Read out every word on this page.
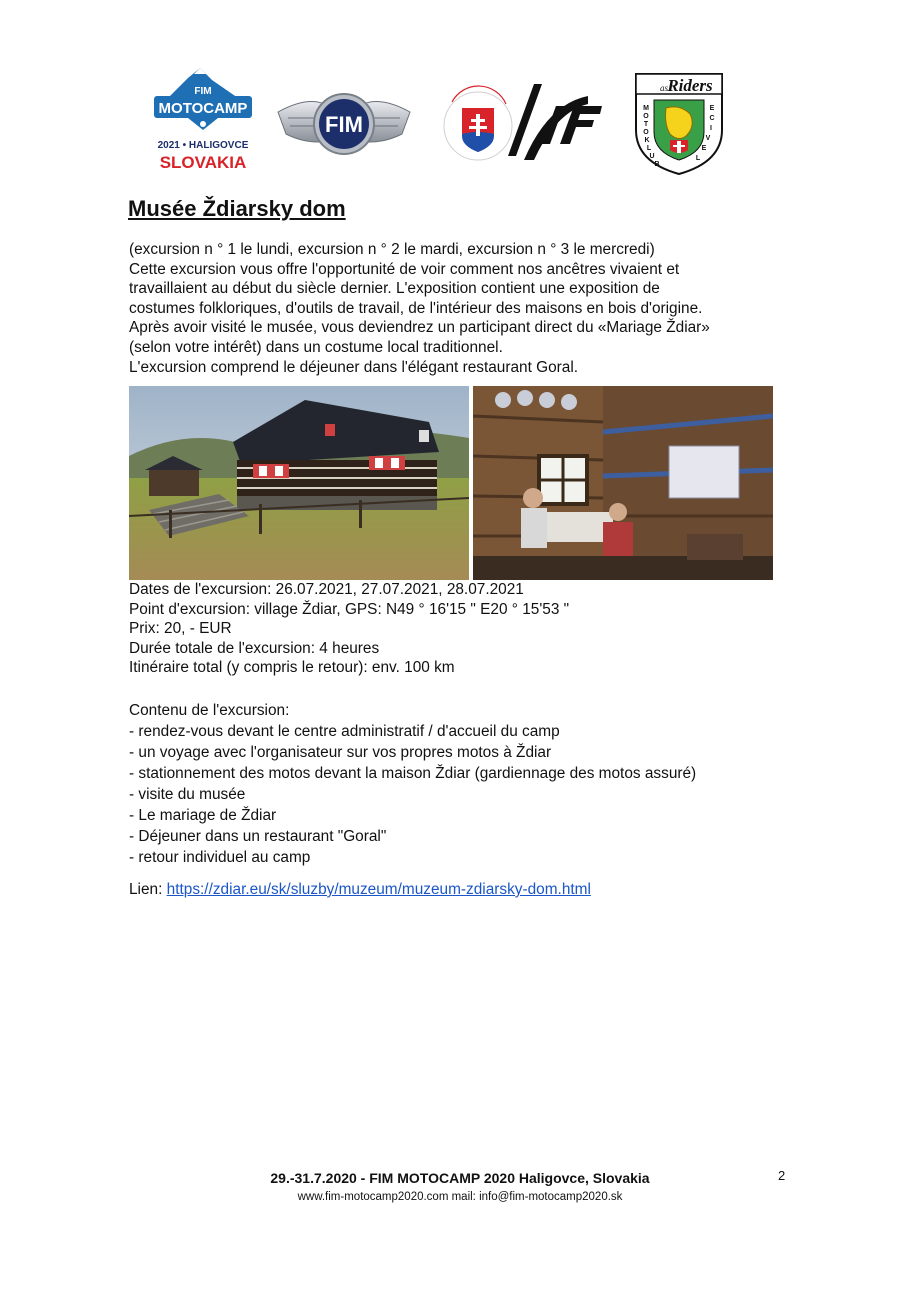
FIM
MOTOCAMP
2021 • HALIGOVCE
SLOVAKIA
FIM
as Riders
M O T O K L UB
E C I V E L
Musée Ždiarsky dom

(excursion n ° 1 le lundi, excursion n ° 2 le mardi, excursion n ° 3 le mercredi)

Cette excursion vous offre l'opportunité de voir comment nos ancêtres vivaient et

travaillaient au début du siècle dernier. L'exposition contient une exposition de

costumes folkloriques, d'outils de travail, de l'intérieur des maisons en bois d'origine.

Après avoir visité le musée, vous deviendrez un participant direct du «Mariage Ždiar»

(selon votre intérêt) dans un costume local traditionnel.

L'excursion comprend le déjeuner dans l'élégant restaurant Goral.

Dates de l'excursion: 26.07.2021, 27.07.2021, 28.07.2021

Point d'excursion: village Ždiar, GPS: N49 ° 16'15 " E20 ° 15'53 "

Prix: 20, - EUR

Durée totale de l'excursion: 4 heures

Itinéraire total (y compris le retour): env. 100 km

Contenu de l'excursion:

- rendez-vous devant le centre administratif / d'accueil du camp
- un voyage avec l'organisateur sur vos propres motos à Ždiar
- stationnement des motos devant la maison Ždiar (gardiennage des motos assuré)
- visite du musée
- Le mariage de Ždiar
- Déjeuner dans un restaurant "Goral"
- retour individuel au camp
Lien: https://zdiar.eu/sk/sluzby/muzeum/muzeum-zdiarsky-dom.html
29.-31.7.2020 - FIM MOTOCAMP 2020 Haligovce, Slovakia
www.fim-motocamp2020.com mail: info@fim-motocamp2020.sk
2
